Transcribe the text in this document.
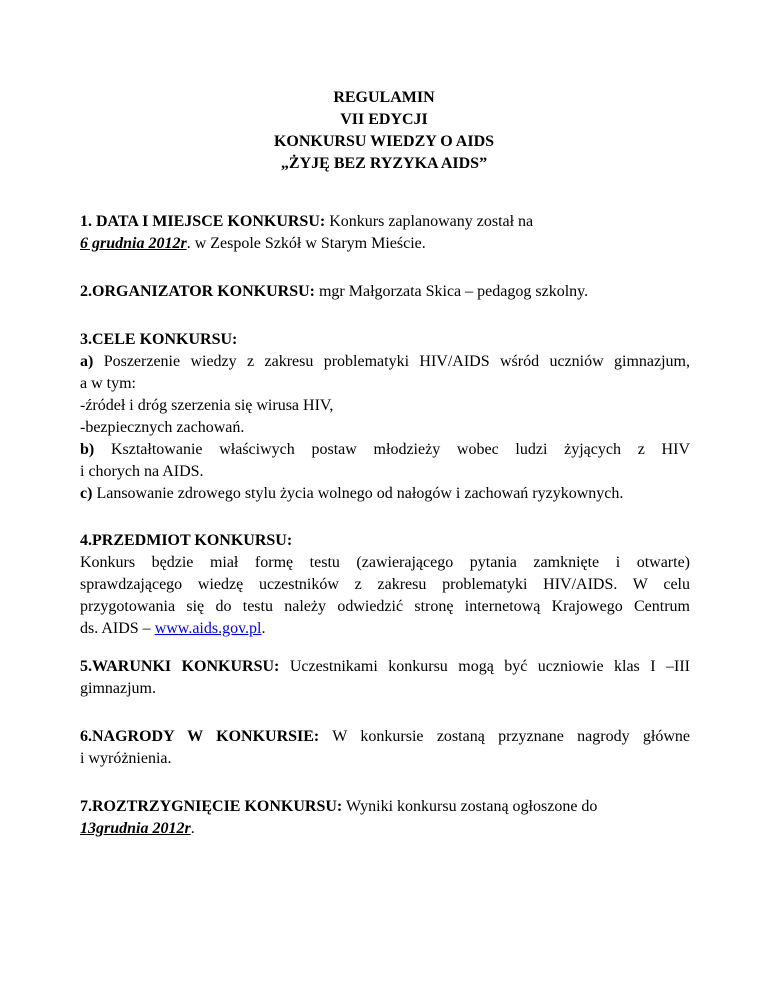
REGULAMIN
VII EDYCJI
KONKURSU WIEDZY O AIDS
„ŻYJĘ BEZ RYZYKA AIDS”
1. DATA I MIEJSCE KONKURSU: Konkurs zaplanowany został na
6 grudnia 2012r. w Zespole Szkół w Starym Mieście.
2.ORGANIZATOR KONKURSU: mgr Małgorzata Skica – pedagog szkolny.
3.CELE KONKURSU:
a) Poszerzenie wiedzy z zakresu problematyki HIV/AIDS wśród uczniów gimnazjum,
a w tym:
-źródeł i dróg szerzenia się wirusa HIV,
-bezpiecznych zachowań.
b) Kształtowanie właściwych postaw młodzieży wobec ludzi żyjących z HIV
i chorych na AIDS.
c) Lansowanie zdrowego stylu życia wolnego od nałogów i zachowań ryzykownych.
4.PRZEDMIOT KONKURSU:
Konkurs będzie miał formę testu (zawierającego pytania zamknięte i otwarte)
sprawdzającego wiedzę uczestników z zakresu problematyki HIV/AIDS. W celu
przygotowania się do testu należy odwiedzić stronę internetową Krajowego Centrum
ds. AIDS – www.aids.gov.pl.
5.WARUNKI KONKURSU: Uczestnikami konkursu mogą być uczniowie klas I –III
gimnazjum.
6.NAGRODY W KONKURSIE: W konkursie zostaną przyznane nagrody główne
i wyróżnienia.
7.ROZTRZYGNIĘCIE KONKURSU: Wyniki konkursu zostaną ogłoszone do
13grudnia 2012r.
